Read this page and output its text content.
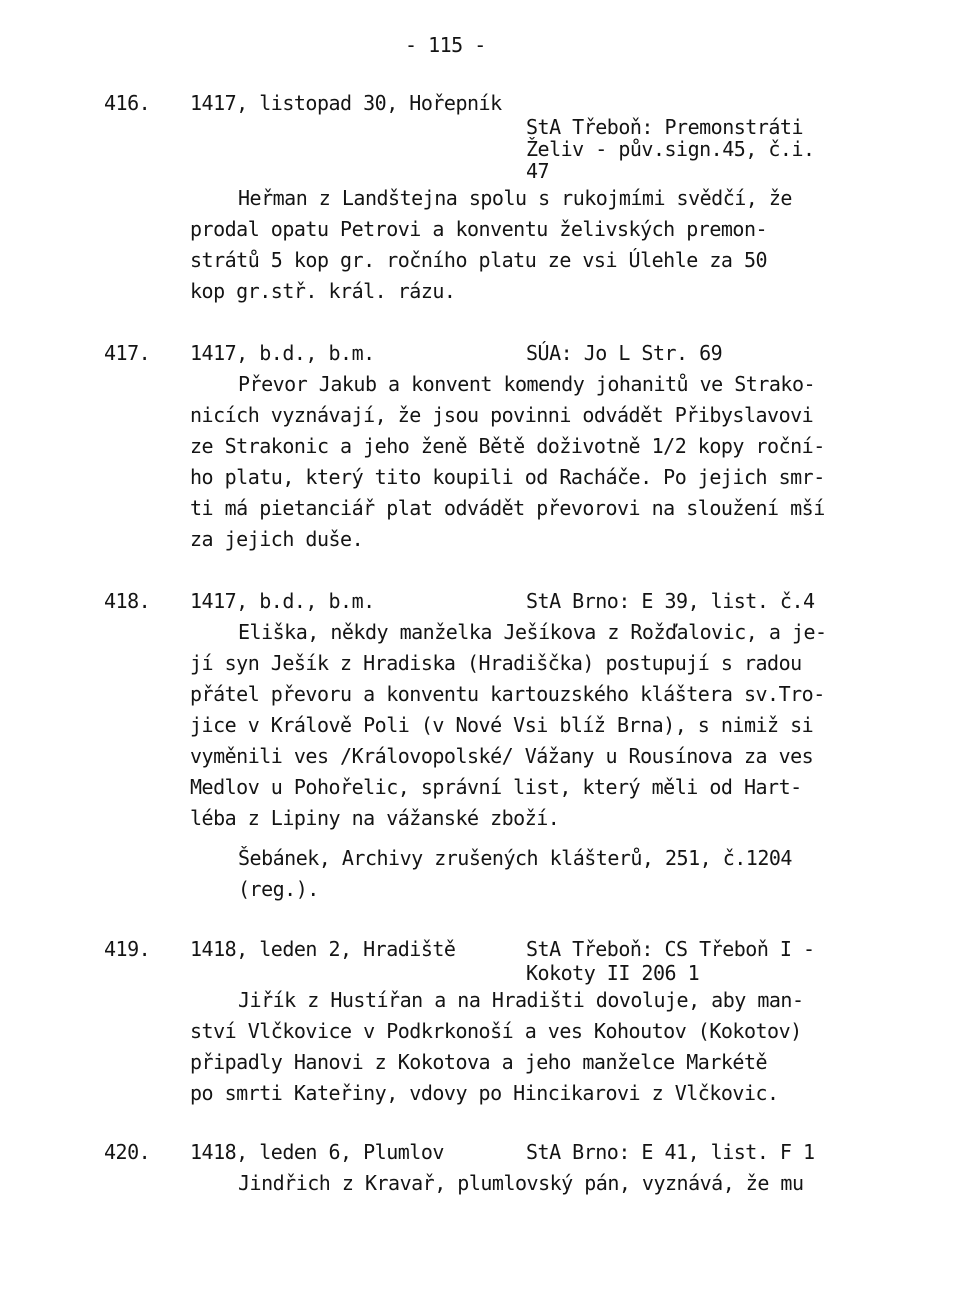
- 115 -
416. 1417, listopad 30, Hořepník
StA Třeboň: Premonstráti
Želiv - pův.sign.45, č.i.
47
Heřman z Landštejna spolu s rukojmími svědčí, že
prodal opatu Petrovi a konventu želivských premon-
strátů 5 kop gr. ročního platu ze vsi Úlehle za 50
kop gr.stř. král. rázu.
417. 1417, b.d., b.m.	SÚA: Jo L Str. 69
Převor Jakub a konvent komendy johanitů ve Strako-
nicích vyznávají, že jsou povinni odvádět Přibyslavovi
ze Strakonic a jeho ženě Bětě doživotně 1/2 kopy roční-
ho platu, který tito koupili od Racháče. Po jejich smr-
ti má pietanciář plat odvádět převorovi na sloužení mší
za jejich duše.
418. 1417, b.d., b.m.	StA Brno: E 39, list. č.4
Eliška, někdy manželka Ješíkova z Rožďalovic, a je-
jí syn Ješík z Hradiska (Hradiščka) postupují s radou
přátel převoru a konventu kartouzského kláštera sv.Tro-
jice v Králově Poli (v Nové Vsi blíž Brna), s nimiž si
vyměnili ves /Královopolské/ Vážany u Rousínova za ves
Medlov u Pohořelic, správní list, který měli od Hart-
léba z Lipiny na vážanské zboží.
Šebánek, Archivy zrušených klášterů, 251, č.1204
(reg.).
419. 1418, leden 2, Hradiště	StA Třeboň: CS Třeboň I -
Kokoty II 206 1
Jiřík z Hustířan a na Hradišti dovoluje, aby man-
ství Vlčkovice v Podkrkonoší a ves Kohoutov (Kokotov)
připadly Hanovi z Kokotova a jeho manželce Markétě
po smrti Kateřiny, vdovy po Hincikarovi z Vlčkovic.
420. 1418, leden 6, Plumlov	StA Brno: E 41, list. F 1
Jindřich z Kravař, plumlovský pán, vyznává, že mu
